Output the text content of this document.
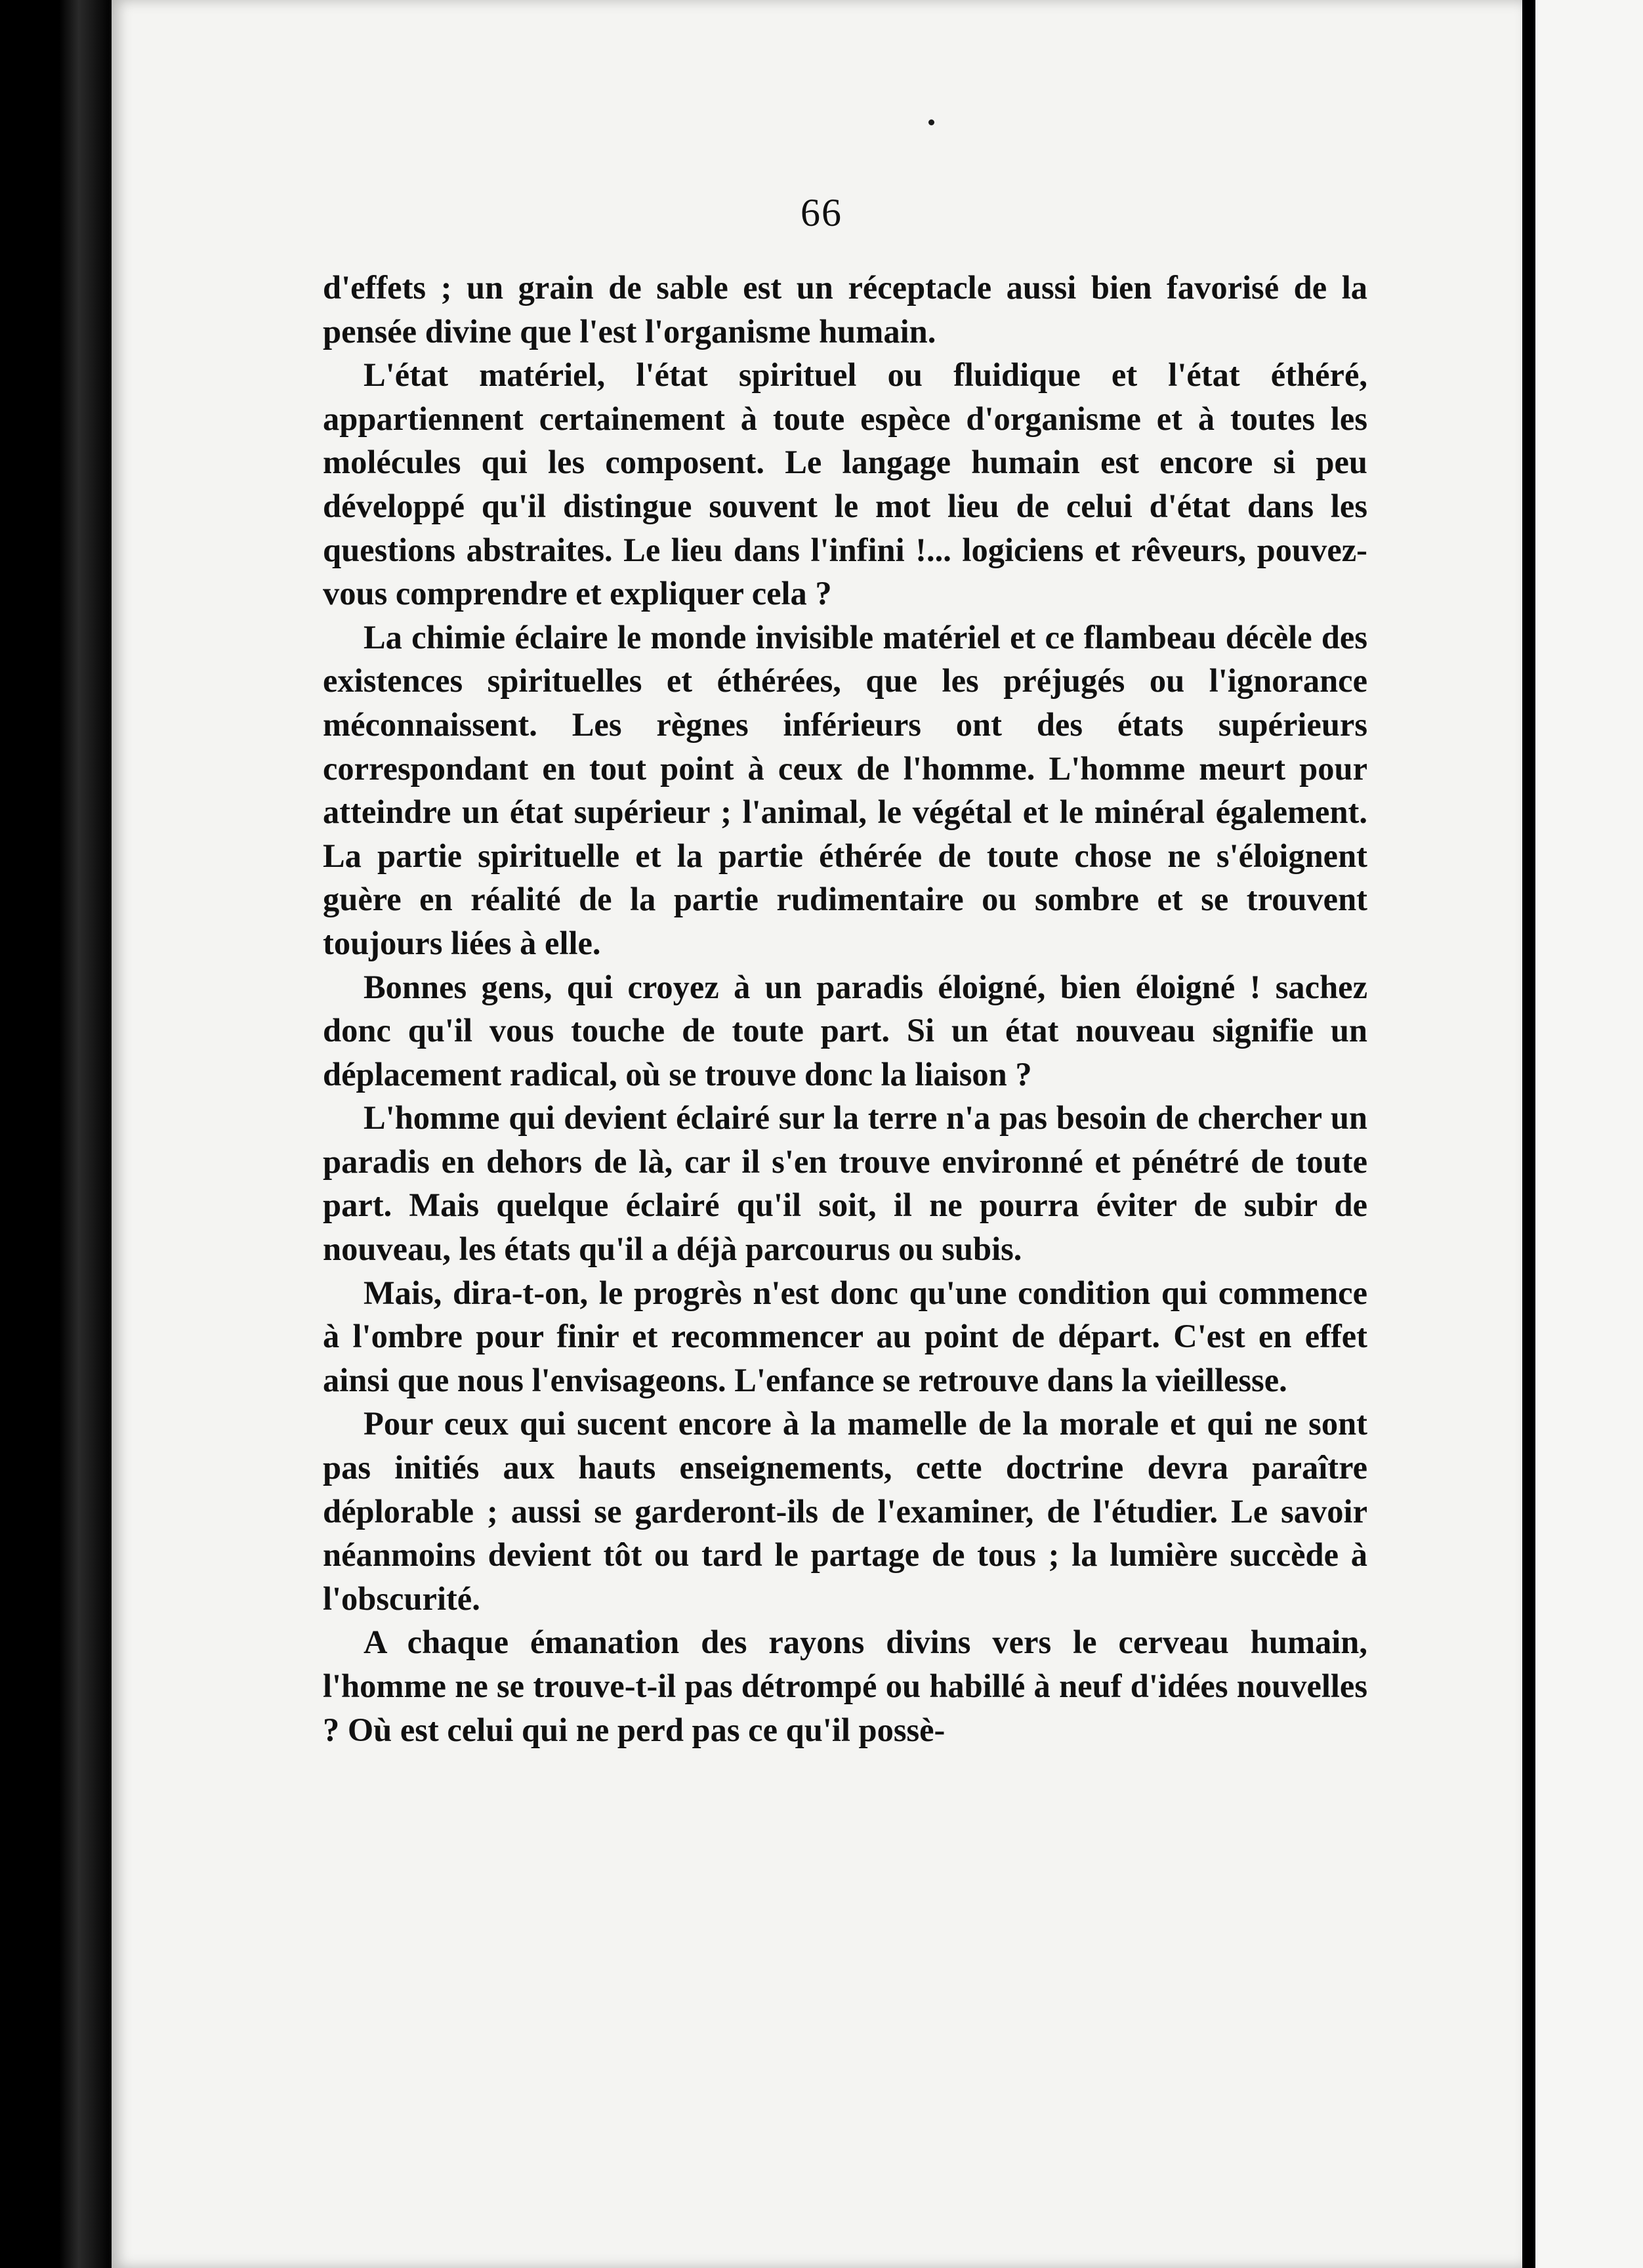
66

d'effets ; un grain de sable est un réceptacle aussi bien favorisé de la pensée divine que l'est l'organisme humain.

L'état matériel, l'état spirituel ou fluidique et l'état éthéré, appartiennent certainement à toute espèce d'organisme et à toutes les molécules qui les composent. Le langage humain est encore si peu développé qu'il distingue souvent le mot lieu de celui d'état dans les questions abstraites. Le lieu dans l'infini !... logiciens et rêveurs, pouvez-vous comprendre et expliquer cela ?

La chimie éclaire le monde invisible matériel et ce flambeau décèle des existences spirituelles et éthérées, que les préjugés ou l'ignorance méconnaissent. Les règnes inférieurs ont des états supérieurs correspondant en tout point à ceux de l'homme. L'homme meurt pour atteindre un état supérieur ; l'animal, le végétal et le minéral également. La partie spirituelle et la partie éthérée de toute chose ne s'éloignent guère en réalité de la partie rudimentaire ou sombre et se trouvent toujours liées à elle.

Bonnes gens, qui croyez à un paradis éloigné, bien éloigné ! sachez donc qu'il vous touche de toute part. Si un état nouveau signifie un déplacement radical, où se trouve donc la liaison ?

L'homme qui devient éclairé sur la terre n'a pas besoin de chercher un paradis en dehors de là, car il s'en trouve environné et pénétré de toute part. Mais quelque éclairé qu'il soit, il ne pourra éviter de subir de nouveau, les états qu'il a déjà parcourus ou subis.

Mais, dira-t-on, le progrès n'est donc qu'une condition qui commence à l'ombre pour finir et recommencer au point de départ. C'est en effet ainsi que nous l'envisageons. L'enfance se retrouve dans la vieillesse.

Pour ceux qui sucent encore à la mamelle de la morale et qui ne sont pas initiés aux hauts enseignements, cette doctrine devra paraître déplorable ; aussi se garderont-ils de l'examiner, de l'étudier. Le savoir néanmoins devient tôt ou tard le partage de tous ; la lumière succède à l'obscurité.

A chaque émanation des rayons divins vers le cerveau humain, l'homme ne se trouve-t-il pas détrompé ou habillé à neuf d'idées nouvelles ? Où est celui qui ne perd pas ce qu'il possè-
